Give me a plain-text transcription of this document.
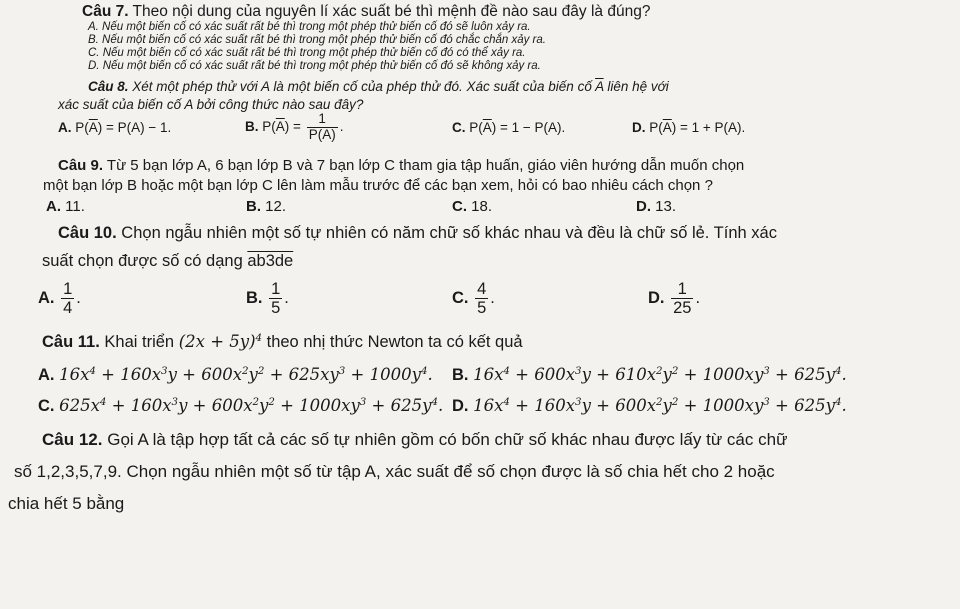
Câu 7. Theo nội dung của nguyên lí xác suất bé thì mệnh đề nào sau đây là đúng?
A. Nếu một biến cố có xác suất rất bé thì trong một phép thử biến cố đó sẽ luôn xảy ra.
B. Nếu một biến cố có xác suất rất bé thì trong một phép thử biến cố đó chắc chắn xảy ra.
C. Nếu một biến cố có xác suất rất bé thì trong một phép thử biến cố đó có thể xảy ra.
D. Nếu một biến cố có xác suất rất bé thì trong một phép thử biến cố đó sẽ không xảy ra.
Câu 8. Xét một phép thử với A là một biến cố của phép thử đó. Xác suất của biến cố $\overline{A}$ liên hệ với
xác suất của biến cố A bởi công thức nào sau đây?
A. $P(\overline{A}) = P(A) - 1$.	B. $P(\overline{A}) = \frac{1}{P(A)}$ .	C. $P(\overline{A}) = 1 - P(A)$.	D. $P(\overline{A}) = 1 + P(A)$.
Câu 9. Từ 5 bạn lớp A, 6 bạn lớp B và 7 bạn lớp C tham gia tập huấn, giáo viên hướng dẫn muốn chọn
một bạn lớp B hoặc một bạn lớp C lên làm mẫu trước để các bạn xem, hỏi có bao nhiêu cách chọn ?
A. 11.	B. 12.	C. 18.	D. 13.
Câu 10. Chọn ngẫu nhiên một số tự nhiên có năm chữ số khác nhau và đều là chữ số lẻ. Tính xác
suất chọn được số có dạng ab3de
A. $\frac{1}{4}$ .	B. $\frac{1}{5}$ .	C. $\frac{4}{5}$ .	D. $\frac{1}{25}$ .
Câu 11. Khai triển $(2x + 5y)^4$ theo nhị thức Newton ta có kết quả
A. $16x^4 + 160x^3y + 600x^2y^2 + 625xy^3 + 1000y^4$. B. $16x^4 + 600x^3y + 610x^2y^2 + 1000xy^3 + 625y^4$.
C. $625x^4 + 160x^3y + 600x^2y^2 + 1000xy^3 + 625y^4$. D. $16x^4 + 160x^3y + 600x^2y^2 + 1000xy^3 + 625y^4$.
Câu 12. Gọi A là tập hợp tất cả các số tự nhiên gồm có bốn chữ số khác nhau được lấy từ các chữ
số 1,2,3,5,7,9. Chọn ngẫu nhiên một số từ tập A, xác suất để số chọn được là số chia hết cho 2 hoặc
chia hết 5 bằng
